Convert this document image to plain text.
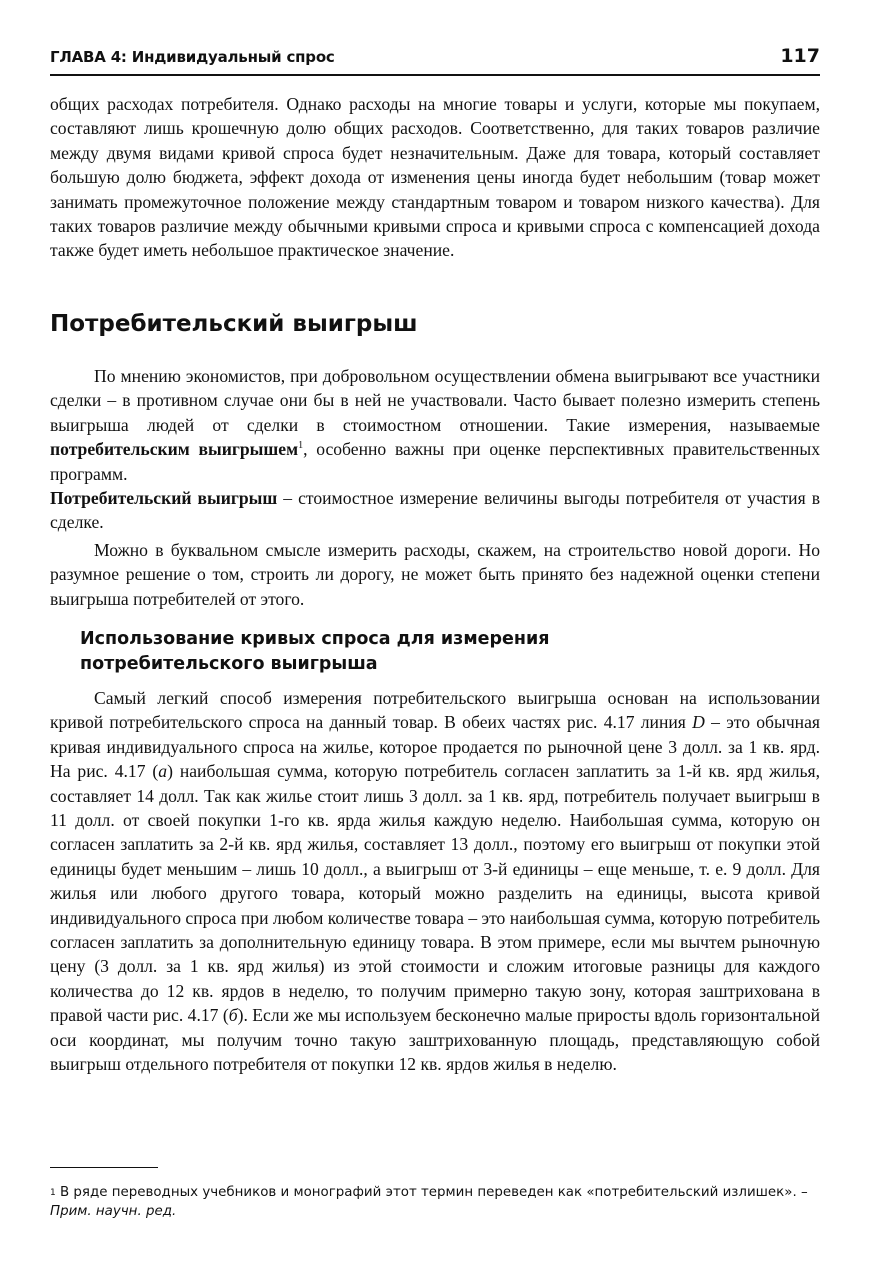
ГЛАВА 4: Индивидуальный спрос	117

общих расходах потребителя. Однако расходы на многие товары и услуги, которые мы покупаем, составляют лишь крошечную долю общих расходов. Соответственно, для таких товаров различие между двумя видами кривой спроса будет незначительным. Даже для товара, который составляет большую долю бюджета, эффект дохода от изменения цены иногда будет небольшим (товар может занимать промежуточное положение между стандартным товаром и товаром низкого качества). Для таких товаров различие между обычными кривыми спроса и кривыми спроса с компенсацией дохода также будет иметь небольшое практическое значение.

Потребительский выигрыш

По мнению экономистов, при добровольном осуществлении обмена выигрывают все участники сделки – в противном случае они бы в ней не участвовали. Часто бывает полезно измерить степень выигрыша людей от сделки в стоимостном отношении. Такие измерения, называемые потребительским выигрышем$^1$, особенно важны при оценке перспективных правительственных программ.

Потребительский выигрыш – стоимостное измерение величины выгоды потребителя от участия в сделке.

Можно в буквальном смысле измерить расходы, скажем, на строительство новой дороги. Но разумное решение о том, строить ли дорогу, не может быть принято без надежной оценки степени выигрыша потребителей от этого.

Использование кривых спроса для измерения
потребительского выигрыша

Самый легкий способ измерения потребительского выигрыша основан на использовании кривой потребительского спроса на данный товар. В обеих частях рис. 4.17 линия D – это обычная кривая индивидуального спроса на жилье, которое продается по рыночной цене 3 долл. за 1 кв. ярд. На рис. 4.17 (а) наибольшая сумма, которую потребитель согласен заплатить за 1-й кв. ярд жилья, составляет 14 долл. Так как жилье стоит лишь 3 долл. за 1 кв. ярд, потребитель получает выигрыш в 11 долл. от своей покупки 1-го кв. ярда жилья каждую неделю. Наибольшая сумма, которую он согласен заплатить за 2-й кв. ярд жилья, составляет 13 долл., поэтому его выигрыш от покупки этой единицы будет меньшим – лишь 10 долл., а выигрыш от 3-й единицы – еще меньше, т. е. 9 долл. Для жилья или любого другого товара, который можно разделить на единицы, высота кривой индивидуального спроса при любом количестве товара – это наибольшая сумма, которую потребитель согласен заплатить за дополнительную единицу товара. В этом примере, если мы вычтем рыночную цену (3 долл. за 1 кв. ярд жилья) из этой стоимости и сложим итоговые разницы для каждого количества до 12 кв. ярдов в неделю, то получим примерно такую зону, которая заштрихована в правой части рис. 4.17 (б). Если же мы используем бесконечно малые приросты вдоль горизонтальной оси координат, мы получим точно такую заштрихованную площадь, представляющую собой выигрыш отдельного потребителя от покупки 12 кв. ярдов жилья в неделю.

$^1$ В ряде переводных учебников и монографий этот термин переведен как «потребительский излишек». – Прим. научн. ред.
